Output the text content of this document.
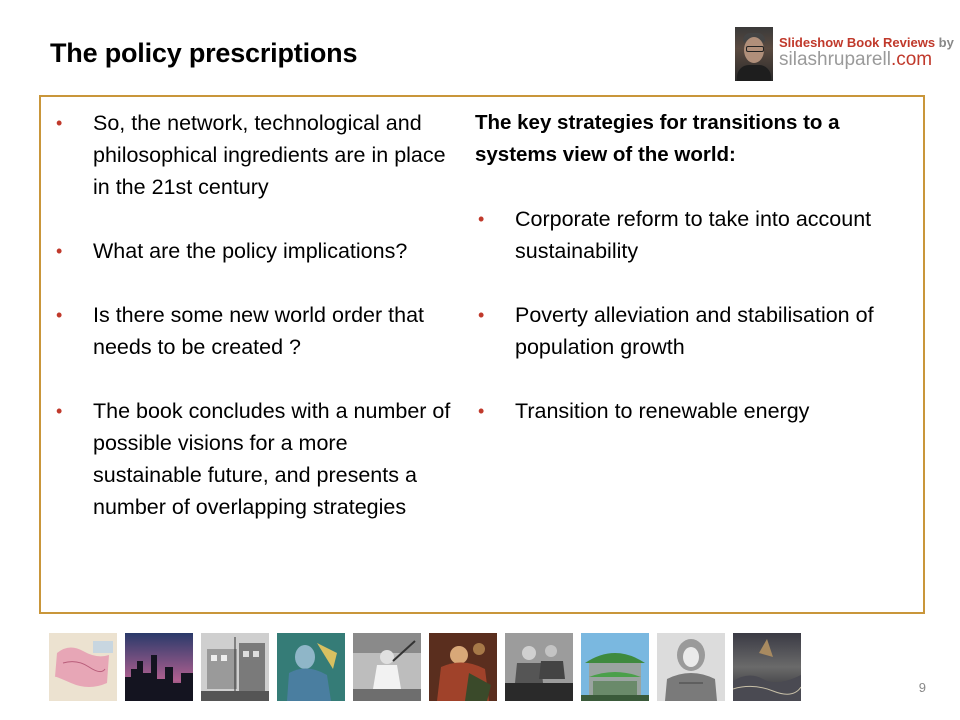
The policy prescriptions	Slideshow Book Reviews by
silashruparell.com
• So, the network, technological and philosophical ingredients are in place in the 21st century
• What are the policy implications?
• Is there some new world order that needs to be created ?
• The book concludes with a number of possible visions for a more sustainable future, and presents a number of overlapping strategies
The key strategies for transitions to a systems view of the world:
• Corporate reform to take into account sustainability
• Poverty alleviation and stabilisation of population growth
• Transition to renewable energy
9
